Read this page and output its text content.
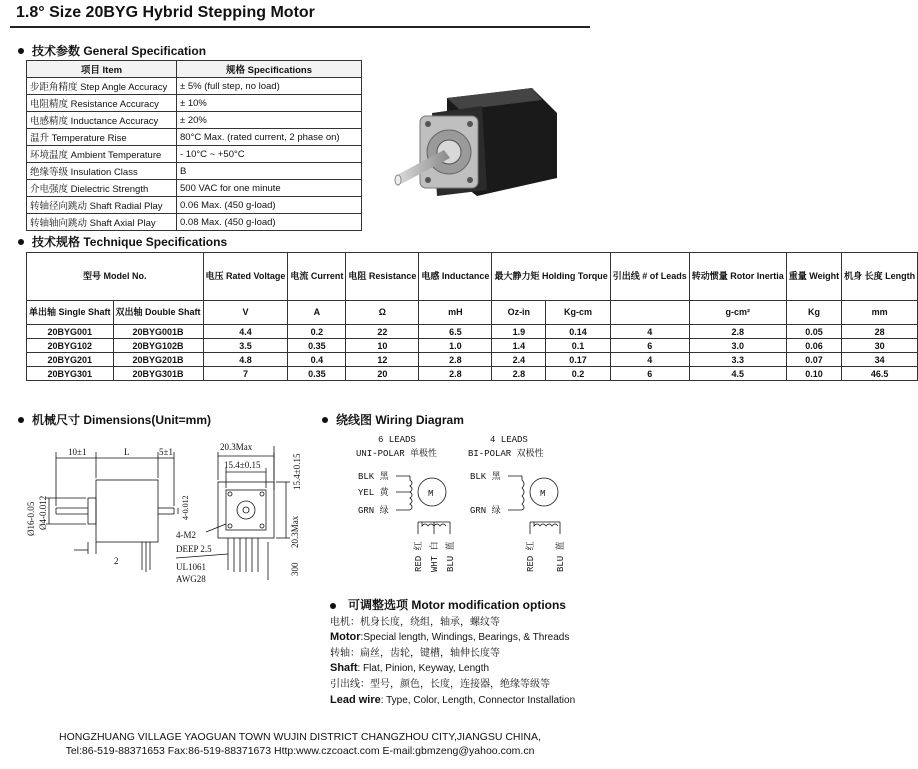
1.8° Size 20BYG Hybrid Stepping Motor
技术参数 General Specification
项目 Item	规格 Specifications
步距角精度 Step Angle Accuracy	± 5% (full step, no load)
电阻精度 Resistance Accuracy	± 10%
电感精度 Inductance Accuracy	± 20%
温升 Temperature Rise	80°C Max. (rated current, 2 phase on)
环境温度 Ambient Temperature	- 10°C ~ +50°C
绝缘等级 Insulation Class	B
介电强度 Dielectric Strength	500 VAC for one minute
转轴径向跳动 Shaft Radial Play	0.06 Max. (450 g-load)
转轴轴向跳动 Shaft Axial Play	0.08 Max. (450 g-load)
技术规格 Technique Specifications
型号 Model No.		电压 Rated Voltage	电流 Current	电阻 Resistance	电感 Inductance	最大静力矩 Holding Torque		引出线 # of Leads	转动惯量 Rotor Inertia	重量 Weight	机身 长度 Length
单出轴 Single Shaft	双出轴 Double Shaft	V	A	Ω	mH	Oz-in	Kg-cm		g-cm²	Kg	mm
20BYG001	20BYG001B	4.4	0.2	22	6.5	1.9	0.14	4	2.8	0.05	28
20BYG102	20BYG102B	3.5	0.35	10	1.0	1.4	0.1	6	3.0	0.06	30
20BYG201	20BYG201B	4.8	0.4	12	2.8	2.4	0.17	4	3.3	0.07	34
20BYG301	20BYG301B	7	0.35	20	2.8	2.8	0.2	6	4.5	0.10	46.5
机械尺寸 Dimensions(Unit=mm)
10±1	L	5±1	20.3Max
15.4±0.15	15.4±0.15
20.3Max
Ø16-0.05 Ø4-0.012	4-0.012
2
4-M2
DEEP 2.5
300
UL1061
AWG28
绕线图 Wiring Diagram
6 LEADS	4 LEADS
UNI-POLAR 单极性	BI-POLAR 双极性
M	M
BLK 黑
YEL 黄
GRN 绿
BLK 黑
GRN 绿
RED 红 WHT 白 BLU 蓝	RED 红 BLU 蓝
可调整选项 Motor modification options
电机：机身长度，绕组，轴承，螺纹等
Motor:Special length, Windings, Bearings, & Threads
转轴：扁丝，齿轮，键槽，轴伸长度等
Shaft: Flat, Pinion, Keyway, Length
引出线：型号，颜色，长度，连接器，绝缘等级等
Lead wire: Type, Color, Length, Connector Installation
HONGZHUANG VILLAGE YAOGUAN TOWN WUJIN DISTRICT CHANGZHOU CITY,JIANGSU CHINA,
Tel:86-519-88371653 Fax:86-519-88371673 Http:www.czcoact.com E-mail:gbmzeng@yahoo.com.cn
